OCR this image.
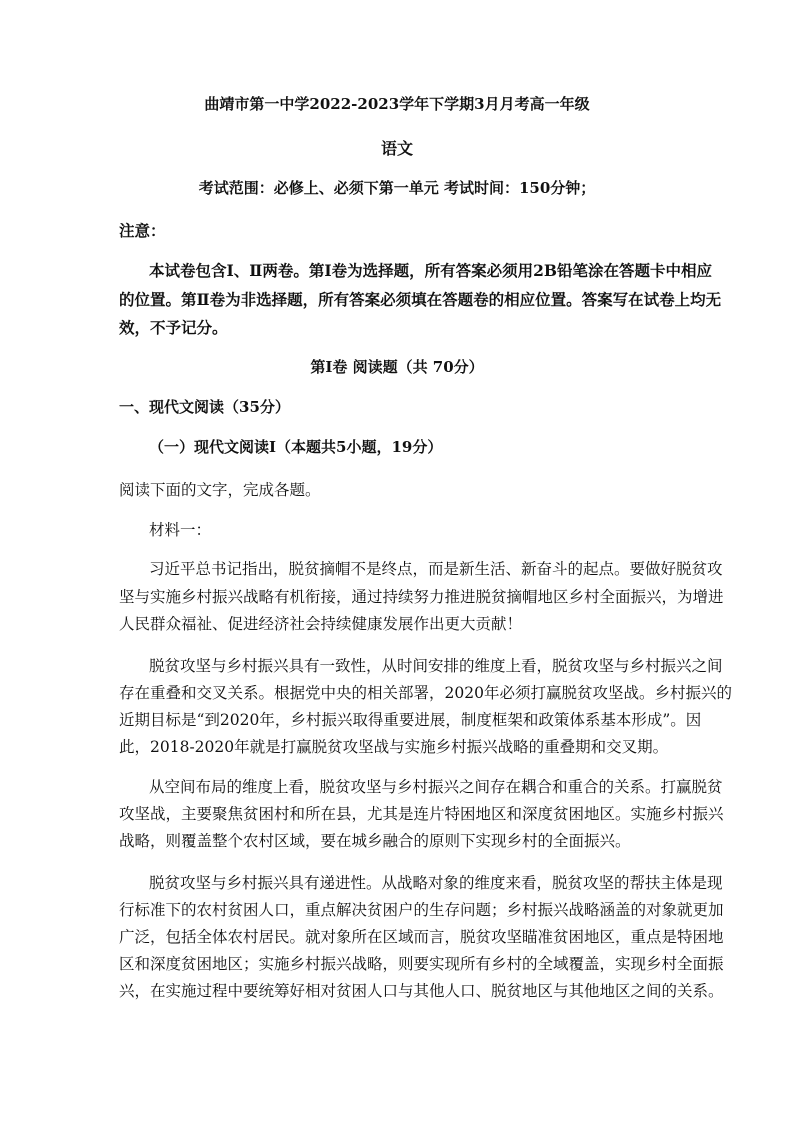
曲靖市第一中学2022-2023学年下学期3月月考高一年级
语文
考试范围：必修上、必须下第一单元 考试时间：150分钟；
注意：
本试卷包含Ⅰ、Ⅱ两卷。第Ⅰ卷为选择题，所有答案必须用2B铅笔涂在答题卡中相应
的位置。第Ⅱ卷为非选择题，所有答案必须填在答题卷的相应位置。答案写在试卷上均无
效，不予记分。
第Ⅰ卷 阅读题（共 70分）
一、现代文阅读（35分）
（一）现代文阅读Ⅰ（本题共5小题，19分）
阅读下面的文字，完成各题。
材料一：
习近平总书记指出，脱贫摘帽不是终点，而是新生活、新奋斗的起点。要做好脱贫攻
坚与实施乡村振兴战略有机衔接，通过持续努力推进脱贫摘帽地区乡村全面振兴，为增进
人民群众福祉、促进经济社会持续健康发展作出更大贡献！
脱贫攻坚与乡村振兴具有一致性，从时间安排的维度上看，脱贫攻坚与乡村振兴之间
存在重叠和交叉关系。根据党中央的相关部署，2020年必须打赢脱贫攻坚战。乡村振兴的
近期目标是“到2020年，乡村振兴取得重要进展，制度框架和政策体系基本形成”。因
此，2018-2020年就是打赢脱贫攻坚战与实施乡村振兴战略的重叠期和交叉期。
从空间布局的维度上看，脱贫攻坚与乡村振兴之间存在耦合和重合的关系。打赢脱贫
攻坚战，主要聚焦贫困村和所在县，尤其是连片特困地区和深度贫困地区。实施乡村振兴
战略，则覆盖整个农村区域，要在城乡融合的原则下实现乡村的全面振兴。
脱贫攻坚与乡村振兴具有递进性。从战略对象的维度来看，脱贫攻坚的帮扶主体是现
行标准下的农村贫困人口，重点解决贫困户的生存问题；乡村振兴战略涵盖的对象就更加
广泛，包括全体农村居民。就对象所在区域而言，脱贫攻坚瞄准贫困地区，重点是特困地
区和深度贫困地区；实施乡村振兴战略，则要实现所有乡村的全域覆盖，实现乡村全面振
兴，在实施过程中要统筹好相对贫困人口与其他人口、脱贫地区与其他地区之间的关系。
